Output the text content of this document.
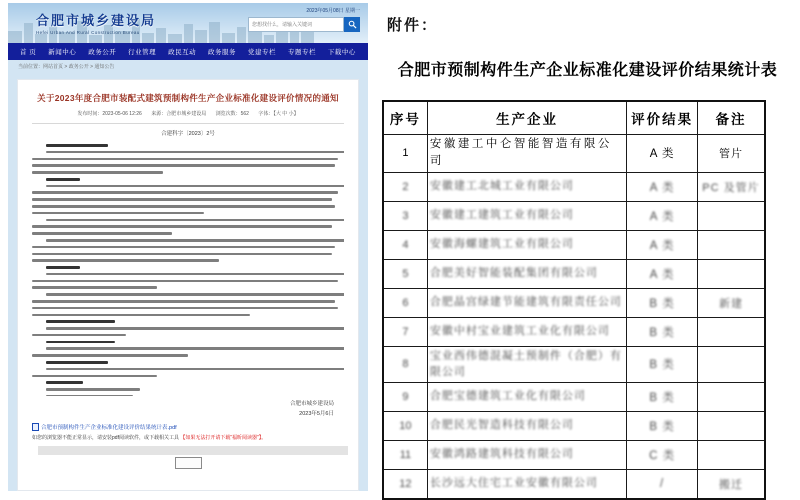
合肥市城乡建设局
Hefei Urban And Rural Construction Bureau
2023年05月08日 星期一
您想找什么，请输入关键词
首 页 新闻中心 政务公开 行业管理 政民互动 政务服务 党建专栏 专题专栏 下载中心
当前位置：网站首页 > 政务公开 > 通知公告
关于2023年度合肥市装配式建筑预制构件生产企业标准化建设评价情况的通知
发布时间：2023-05-06 12:26 来源：合肥市城乡建设局 浏览次数：562 字体：【大 中 小】
合建科字〔2023〕2号
合肥市城乡建设局
2023年5月6日
合肥市预制构件生产企业标准化建设评价结果统计表.pdf
如您的浏览器不能正常显示，请安装pdf阅读软件，或下载相关工具 【如果无法打开请下载“福昕阅读器”】。
附件：
合肥市预制构件生产企业标准化建设评价结果统计表
序号	生产企业	评价结果	备注

1	安徽建工中仑智能智造有限公司	A 类	管片

2	安徽建工北城工业有限公司	A 类	PC 及管片

3	安徽建工建筑工业有限公司	A 类	

4	安徽海螺建筑工业有限公司	A 类	

5	合肥美好智能装配集团有限公司	A 类	

6	合肥晶宫绿建节能建筑有限责任公司	B 类	新建

7	安徽中村宝业建筑工业化有限公司	B 类	

8	宝业西伟德混凝土预制件（合肥）有限公司	B 类	

9	合肥宝德建筑工业化有限公司	B 类	

10	合肥民光智造科技有限公司	B 类	

11	安徽鸿路建筑科技有限公司	C 类	

12	长沙远大住宅工业安徽有限公司	/	搬迁
